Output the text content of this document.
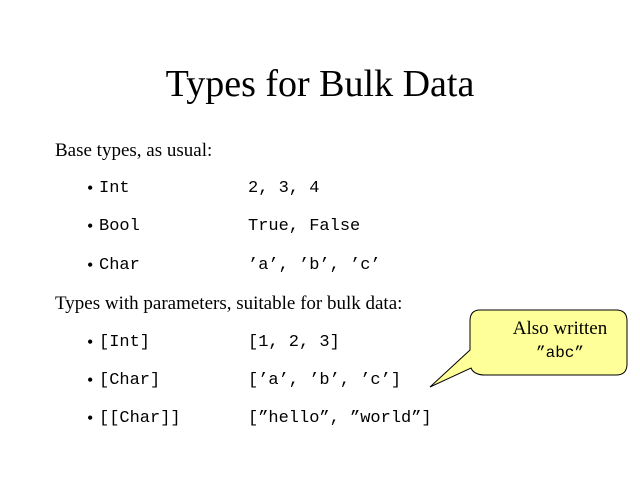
Types for Bulk Data
Base types, as usual:
• Int	2, 3, 4
• Bool	True, False
• Char	’a’, ’b’, ’c’
Types with parameters, suitable for bulk data:
• [Int]	[1, 2, 3]
• [Char]	[’a’, ’b’, ’c’]
• [[Char]]	[”hello”, ”world”]
Also written
”abc”
